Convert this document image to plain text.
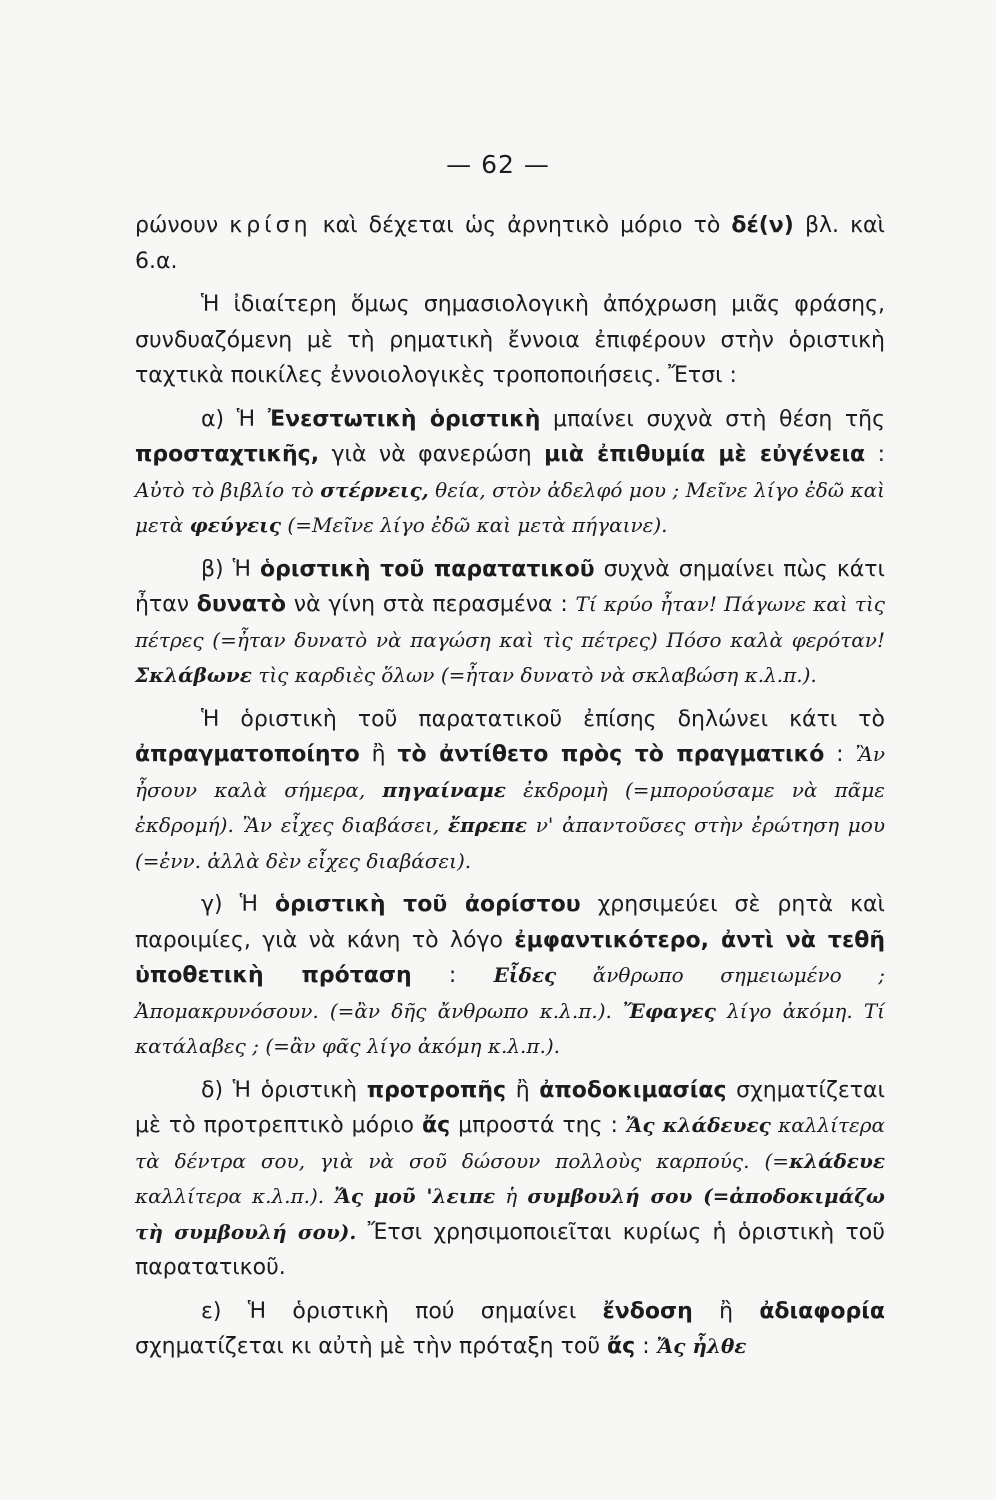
— 62 —

ρώνουν κρίση καὶ δέχεται ὡς ἀρνητικὸ μόριο τὸ δέ(ν) βλ. καὶ 6.α.

Ἡ ἰδιαίτερη ὅμως σημασιολογικὴ ἀπόχρωση μιᾶς φράσης, συνδυαζόμενη μὲ τὴ ρηματικὴ ἔννοια ἐπιφέρουν στὴν ὁριστικὴ ταχτικὰ ποικίλες ἐννοιολογικὲς τροποποιήσεις. Ἔτσι :

α) Ἡ Ἐνεστωτικὴ ὁριστικὴ μπαίνει συχνὰ στὴ θέση τῆς προσταχτικῆς, γιὰ νὰ φανερώση μιὰ ἐπιθυμία μὲ εὐγένεια : Αὐτὸ τὸ βιβλίο τὸ στέρνεις, θεία, στὸν ἀδελφό μου ; Μεῖνε λίγο ἐδῶ καὶ μετὰ φεύγεις (=Μεῖνε λίγο ἐδῶ καὶ μετὰ πήγαινε).

β) Ἡ ὁριστικὴ τοῦ παρατατικοῦ συχνὰ σημαίνει πὼς κάτι ἦταν δυνατὸ νὰ γίνη στὰ περασμένα : Τί κρύο ἦταν! Πάγωνε καὶ τὶς πέτρες (=ἦταν δυνατὸ νὰ παγώση καὶ τὶς πέτρες) Πόσο καλὰ φερόταν! Σκλάβωνε τὶς καρδιὲς ὅλων (=ἦταν δυνατὸ νὰ σκλαβώση κ.λ.π.).

Ἡ ὁριστικὴ τοῦ παρατατικοῦ ἐπίσης δηλώνει κάτι τὸ ἀπραγματοποίητο ἢ τὸ ἀντίθετο πρὸς τὸ πραγματικό : Ἂν ἦσουν καλὰ σήμερα, πηγαίναμε ἐκδρομὴ (=μπορούσαμε νὰ πᾶμε ἐκδρομή). Ἂν εἶχες διαβάσει, ἔπρεπε ν' ἀπαντοῦσες στὴν ἐρώτηση μου (=ἐνν. ἀλλὰ δὲν εἶχες διαβάσει).

γ) Ἡ ὁριστικὴ τοῦ ἀορίστου χρησιμεύει σὲ ρητὰ καὶ παροιμίες, γιὰ νὰ κάνη τὸ λόγο ἐμφαντικότερο, ἀντὶ νὰ τεθῆ ὑποθετικὴ πρόταση : Εἶδες ἄνθρωπο σημειωμένο ; Ἀπομακρυνόσουν. (=ἂν δῆς ἄνθρωπο κ.λ.π.). Ἔφαγες λίγο ἀκόμη. Τί κατάλαβες ; (=ἂν φᾶς λίγο ἀκόμη κ.λ.π.).

δ) Ἡ ὁριστικὴ προτροπῆς ἢ ἀποδοκιμασίας σχηματίζεται μὲ τὸ προτρεπτικὸ μόριο ἄς μπροστά της : Ἄς κλάδευες καλλίτερα τὰ δέντρα σου, γιὰ νὰ σοῦ δώσουν πολλοὺς καρπούς. (=κλάδευε καλλίτερα κ.λ.π.). Ἄς μοῦ 'λειπε ἡ συμβουλή σου (=ἀποδοκιμάζω τὴ συμβουλή σου). Ἔτσι χρησιμοποιεῖται κυρίως ἡ ὁριστικὴ τοῦ παρατατικοῦ.

ε) Ἡ ὁριστικὴ πού σημαίνει ἔνδοση ἢ ἀδιαφορία σχηματίζεται κι αὐτὴ μὲ τὴν πρόταξη τοῦ ἄς : Ἄς ἦλθε
